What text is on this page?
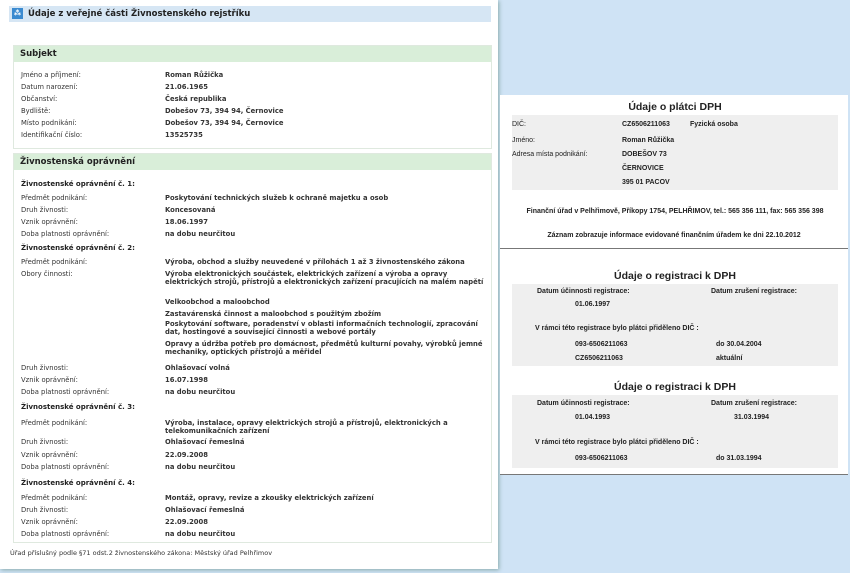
⁂ Údaje z veřejné části Živnostenského rejstříku
Subjekt
Jméno a příjmení:	Roman Růžička
Datum narození:	21.06.1965
Občanství:	Česká republika
Bydliště:	Dobešov 73, 394 94, Černovice
Místo podnikání:	Dobešov 73, 394 94, Černovice
Identifikační číslo:	13525735
Živnostenská oprávnění
Živnostenské oprávnění č. 1:
Předmět podnikání:	Poskytování technických služeb k ochraně majetku a osob
Druh živnosti:	Koncesovaná
Vznik oprávnění:	18.06.1997
Doba platnosti oprávnění:	na dobu neurčitou
Živnostenské oprávnění č. 2:
Předmět podnikání:	Výroba, obchod a služby neuvedené v přílohách 1 až 3 živnostenského zákona
Obory činnosti:	Výroba elektronických součástek, elektrických zařízení a výroba a opravy elektrických strojů, přístrojů a elektronických zařízení pracujících na malém napětí
Velkoobchod a maloobchod
Zastavárenská činnost a maloobchod s použitým zbožím
Poskytování software, poradenství v oblasti informačních technologií, zpracování dat, hostingové a související činnosti a webové portály
Opravy a údržba potřeb pro domácnost, předmětů kulturní povahy, výrobků jemné mechaniky, optických přístrojů a měřidel
Druh živnosti:	Ohlašovací volná
Vznik oprávnění:	16.07.1998
Doba platnosti oprávnění:	na dobu neurčitou
Živnostenské oprávnění č. 3:
Předmět podnikání:	Výroba, instalace, opravy elektrických strojů a přístrojů, elektronických a telekomunikačních zařízení
Druh živnosti:	Ohlašovací řemeslná
Vznik oprávnění:	22.09.2008
Doba platnosti oprávnění:	na dobu neurčitou
Živnostenské oprávnění č. 4:
Předmět podnikání:	Montáž, opravy, revize a zkoušky elektrických zařízení
Druh živnosti:	Ohlašovací řemeslná
Vznik oprávnění:	22.09.2008
Doba platnosti oprávnění:	na dobu neurčitou
Úřad příslušný podle §71 odst.2 živnostenského zákona: Městský úřad Pelhřimov
Údaje o plátci DPH
DIČ:	CZ6506211063	Fyzická osoba
Jméno:	Roman Růžička
Adresa místa podnikání:	DOBEŠOV 73
ČERNOVICE
395 01 PACOV
Finanční úřad v Pelhřimově, Příkopy 1754, PELHŘIMOV, tel.: 565 356 111, fax: 565 356 398
Záznam zobrazuje informace evidované finančním úřadem ke dni 22.10.2012
Údaje o registraci k DPH
Datum účinnosti registrace:	Datum zrušení registrace:
01.06.1997
V rámci této registrace bylo plátci přiděleno DIČ :
093-6506211063	do 30.04.2004
CZ6506211063	aktuální
Údaje o registraci k DPH
Datum účinnosti registrace:	Datum zrušení registrace:
01.04.1993	31.03.1994
V rámci této registrace bylo plátci přiděleno DIČ :
093-6506211063	do 31.03.1994
